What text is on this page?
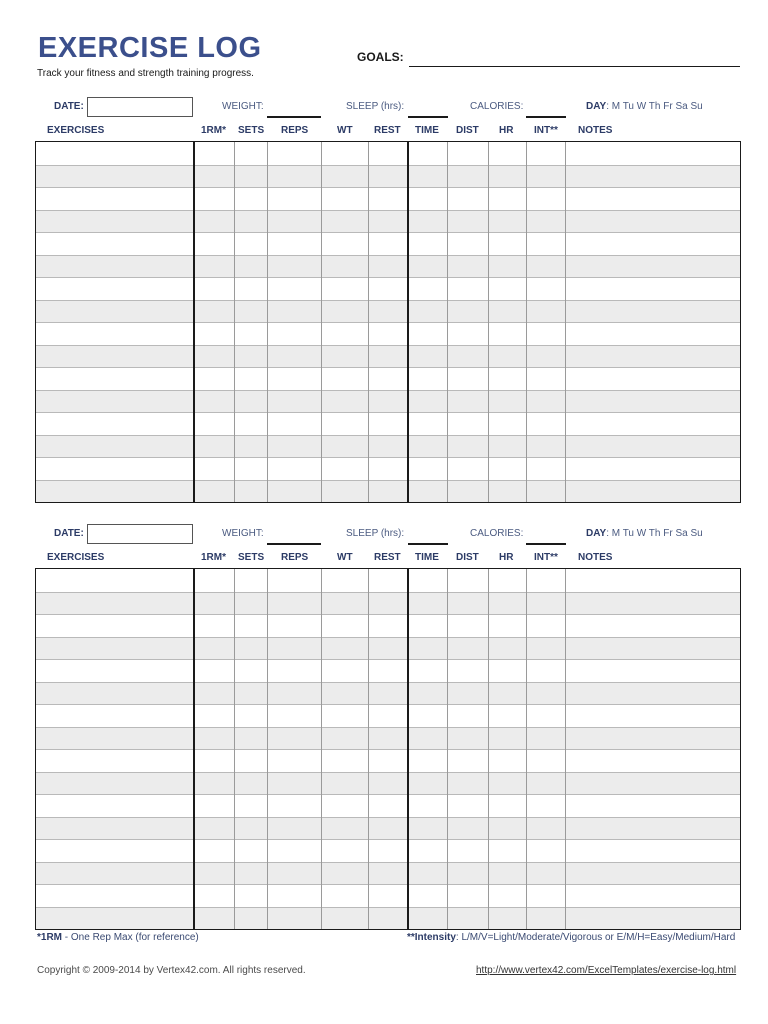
EXERCISE LOG
Track your fitness and strength training progress.
GOALS:
DATE:	WEIGHT:	SLEEP (hrs):	CALORIES:	DAY: M Tu W Th Fr Sa Su
EXERCISES	1RM* SETS REPS	WT REST TIME DIST HR INT** NOTES
DATE:	WEIGHT:	SLEEP (hrs):	CALORIES:	DAY: M Tu W Th Fr Sa Su
EXERCISES	1RM* SETS REPS	WT REST TIME DIST HR INT** NOTES
*1RM - One Rep Max (for reference)	**Intensity: L/M/V=Light/Moderate/Vigorous or E/M/H=Easy/Medium/Hard
Copyright © 2009-2014 by Vertex42.com. All rights reserved.	http://www.vertex42.com/ExcelTemplates/exercise-log.html
